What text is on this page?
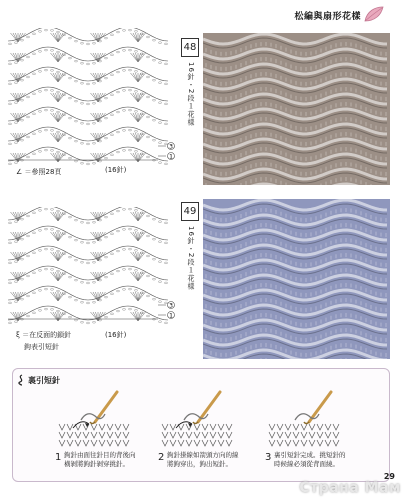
松編與扇形花樣
3
1
(16針)
∠ ＝參照28頁
48
16針・2段１花樣
3
1
(16針)
ξ ＝在反面的鎖針
鉤表引短針
49
16針・2段１花樣
裏引短針
1 鉤針由面往針目的背後向橫剝將鉤針剝穿挑針。
2 鉤針掛線如箭頭方向的線將鉤穿出，鉤出短針。
3 裏引短針完成。挑短針的時候線必須從背面繞。
29
Страна Мам
